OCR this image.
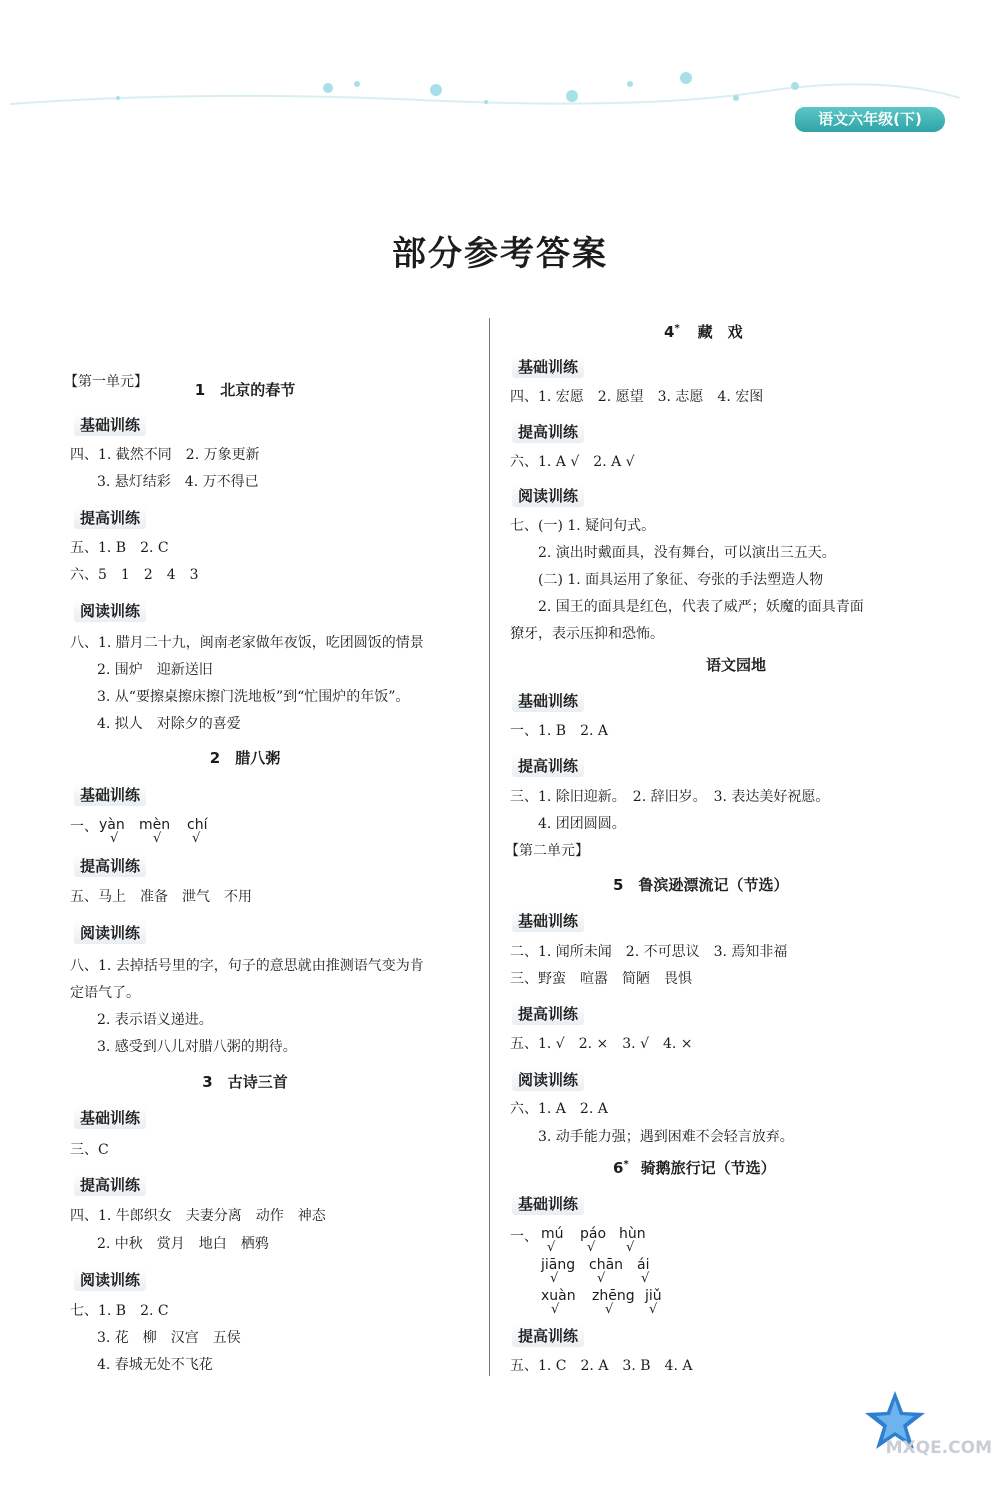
语文六年级(下)
部分参考答案
【第一单元】	1　北京的春节
基础训练
四、1. 截然不同　2. 万象更新
3. 悬灯结彩　4. 万不得已
提高训练
五、1. B　2. C
六、5　1　2　4　3
阅读训练
八、1. 腊月二十九，闽南老家做年夜饭，吃团圆饭的情景
2. 围炉　迎新送旧
3. 从“要擦桌擦床擦门洗地板”到“忙围炉的年饭”。
4. 拟人　对除夕的喜爱
2　腊八粥
基础训练
一、 yàn mèn chí
√	√ √
提高训练
五、马上　准备　泄气　不用
阅读训练
八、1. 去掉括号里的字，句子的意思就由推测语气变为肯
定语气了。
2. 表示语义递进。
3. 感受到八儿对腊八粥的期待。
3　古诗三首
基础训练
三、C
提高训练
四、1. 牛郎织女　夫妻分离　动作　神态
2. 中秋　赏月　地白　栖鸦
阅读训练
七、1. B　2. C
3. 花　柳　汉宫　五侯
4. 春城无处不飞花
4* 藏　戏
基础训练
四、1. 宏愿　2. 愿望　3. 志愿　4. 宏图
提高训练
六、1. A √　2. A √
阅读训练
七、(一) 1. 疑问句式。
2. 演出时戴面具，没有舞台，可以演出三五天。
(二) 1. 面具运用了象征、夸张的手法塑造人物
2. 国王的面具是红色，代表了威严；妖魔的面具青面
獠牙，表示压抑和恐怖。
语文园地
基础训练
一、1. B　2. A
提高训练
三、1. 除旧迎新。　2. 辞旧岁。　3. 表达美好祝愿。
4. 团团圆圆。
【第二单元】
5　鲁滨逊漂流记（节选）
基础训练
二、1. 闻所未闻　2. 不可思议　3. 焉知非福
三、野蛮　喧嚣　简陋　畏惧
提高训练
五、1. √　2. ×　3. √　4. ×
阅读训练
六、1. A　2. A
3. 动手能力强；遇到困难不会轻言放弃。
6* 骑鹅旅行记（节选）
基础训练
一、 mú páo hùn
√ √ √
jiāng chān ái
√	√	√
xuàn zhēng jiǔ
√	√	√
提高训练
五、1. C　2. A　3. B　4. A
MXQE.COM
